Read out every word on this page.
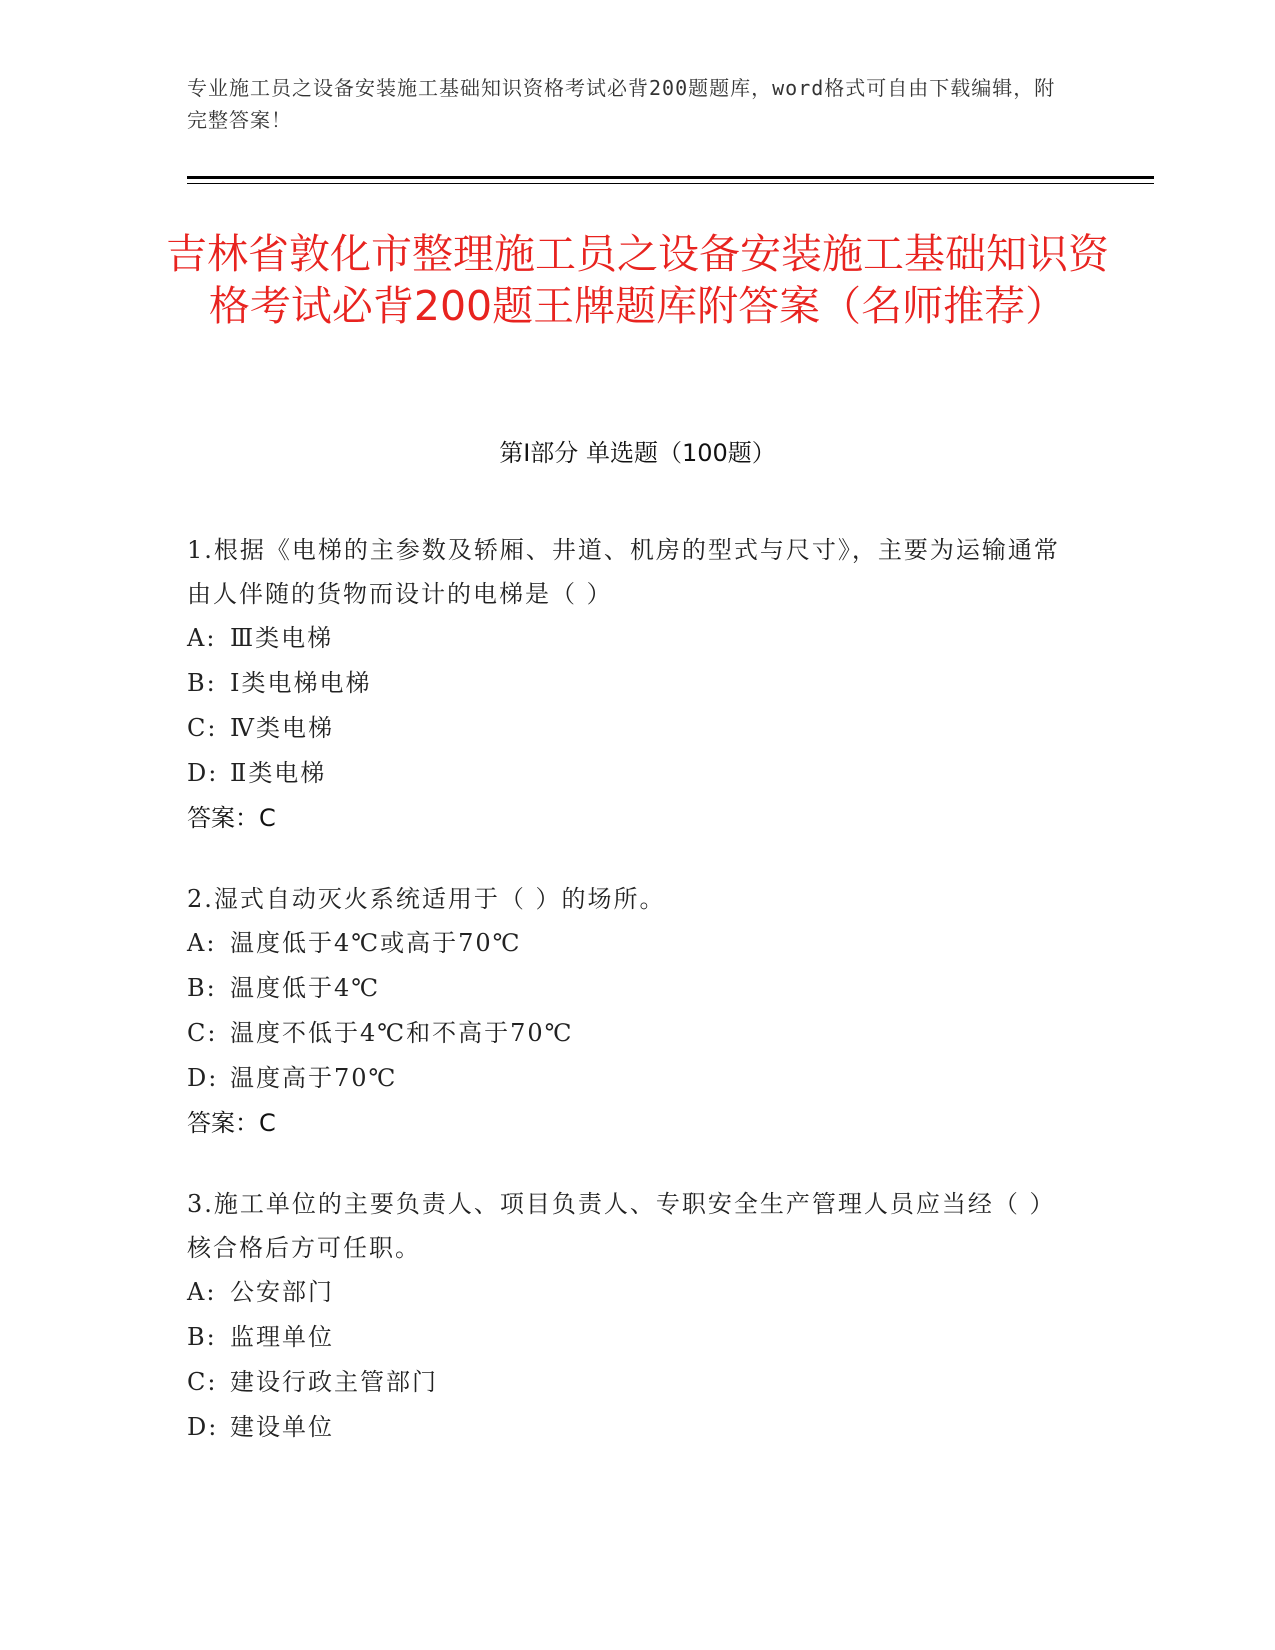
专业施工员之设备安装施工基础知识资格考试必背200题题库，word格式可自由下载编辑，附完整答案！
吉林省敦化市整理施工员之设备安装施工基础知识资格考试必背200题王牌题库附答案（名师推荐）
第Ⅰ部分 单选题（100题）
1.根据《电梯的主参数及轿厢、井道、机房的型式与尺寸》，主要为运输通常由人伴随的货物而设计的电梯是（ ）
A: Ⅲ类电梯
B: Ⅰ类电梯电梯
C: Ⅳ类电梯
D: Ⅱ类电梯
答案：C
2.湿式自动灭火系统适用于（ ）的场所。
A: 温度低于4℃或高于70℃
B: 温度低于4℃
C: 温度不低于4℃和不高于70℃
D: 温度高于70℃
答案：C
3.施工单位的主要负责人、项目负责人、专职安全生产管理人员应当经（ ）核合格后方可任职。
A: 公安部门
B: 监理单位
C: 建设行政主管部门
D: 建设单位
